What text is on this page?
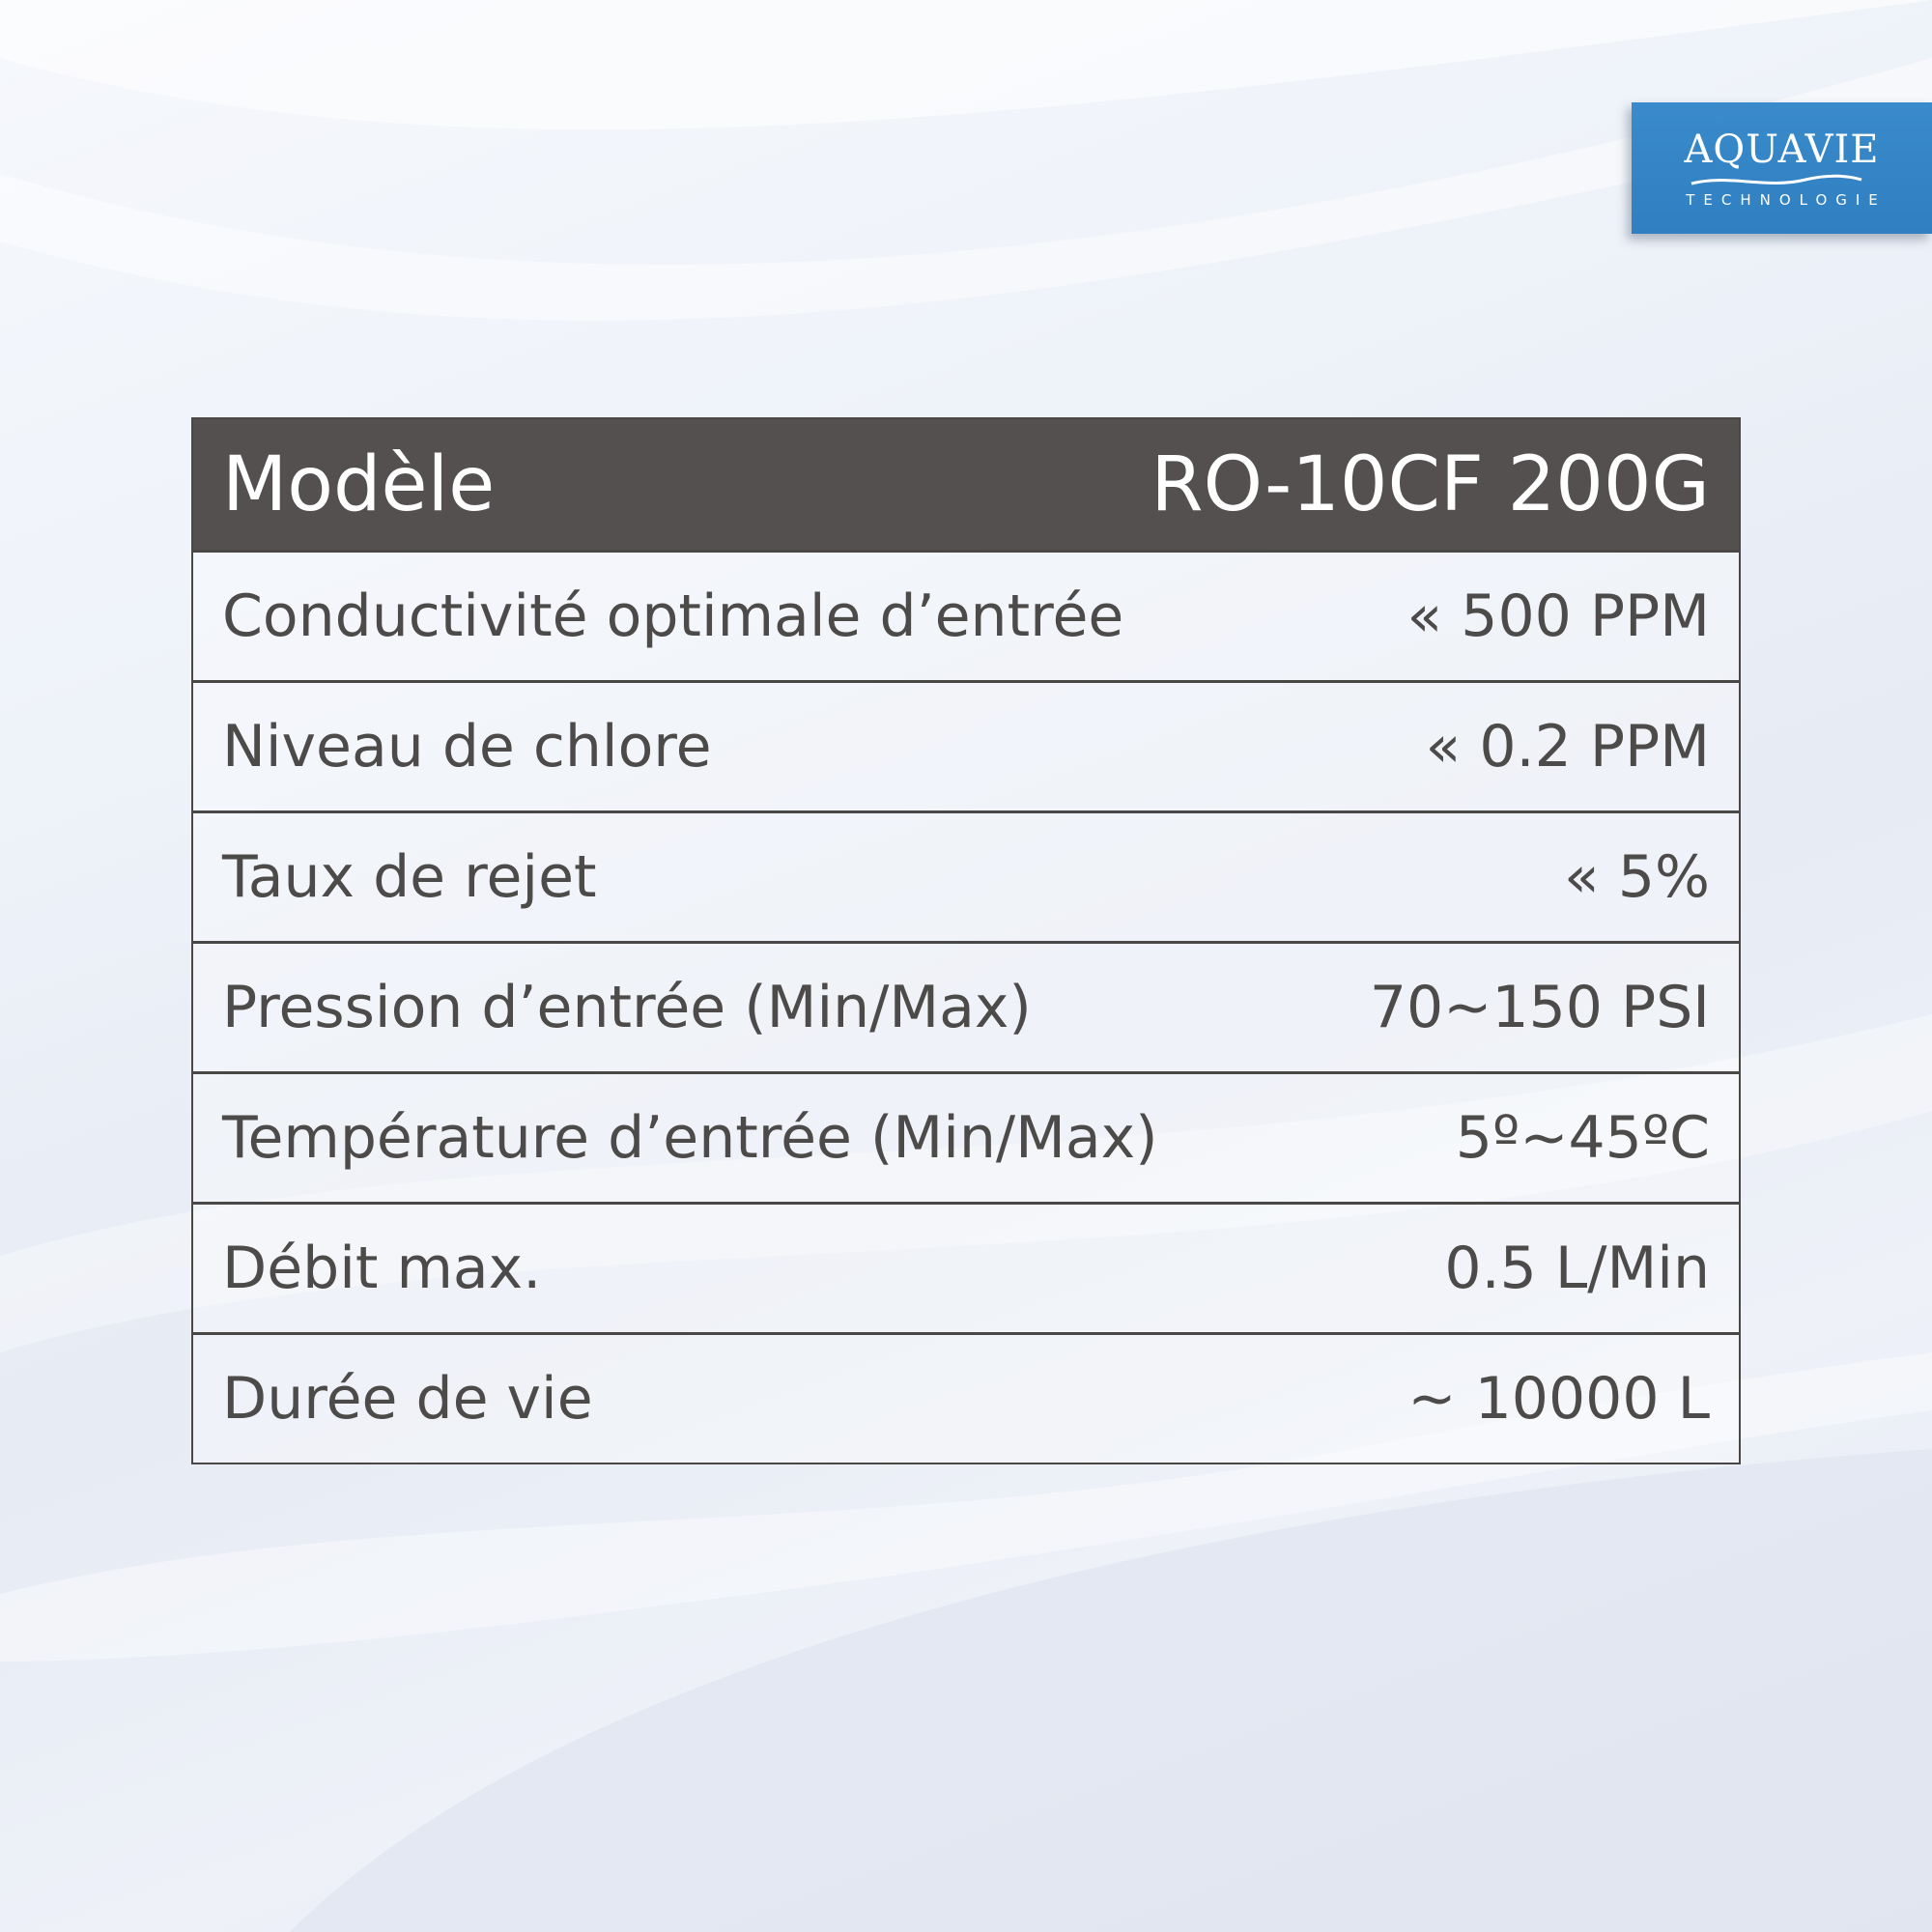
AQUAVIE
TECHNOLOGIE
Modèle	RO-10CF 200G
Conductivité optimale d’entrée	« 500 PPM
Niveau de chlore	« 0.2 PPM
Taux de rejet	« 5%
Pression d’entrée (Min/Max)	70~150 PSI
Température d’entrée (Min/Max)	5º~45ºC
Débit max.	0.5 L/Min
Durée de vie	~ 10000 L
